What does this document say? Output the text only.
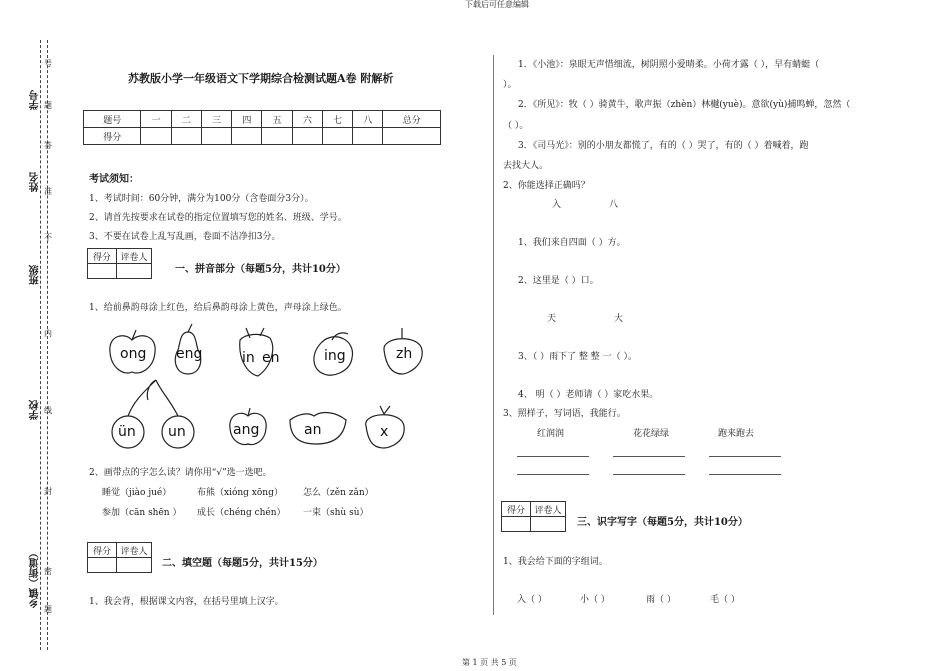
下载后可任意编辑
第 1 页 共 5 页
学号
姓名
班级
学校
乡镇（街道）
号
题
答
准
不
内
线
封
密
题
苏教版小学一年级语文下学期综合检测试题A卷 附解析
题号	一	二	三	四	五	六	七	八	总分
得分									
考试须知：
1、考试时间：60分钟，满分为100分（含卷面分3分）。
2、请首先按要求在试卷的指定位置填写您的姓名、班级、学号。
3、不要在试卷上乱写乱画，卷面不洁净扣3分。
得分	评卷人

一、拼音部分（每题5分，共计10分）
1、给前鼻韵母涂上红色，给后鼻韵母涂上黄色，声母涂上绿色。
ong eng	in en	ing	zh
ün un	ang	an	x
2、画带点的字怎么读？请你用“√”选一选吧。
睡觉（jiào jué）	布熊（xióng xōng） 怎么（zěn zǎn）
参加（cān shēn ） 成长（chéng chén） 一束（shù sù）
得分	评卷人

二、填空题（每题5分，共计15分）
1、我会背，根据课文内容，在括号里填上汉字。
1．《小池》：泉眼无声惜细流，树阴照小爱晴柔。小荷才露（ ），早有蜻蜓（
）。
2．《所见》：牧（ ）骑黄牛，歌声振（zhèn）林樾(yuè)。意欲(yù)捕鸣蝉，忽然（
（ ）。
3．《司马光》：别的小朋友都慌了，有的（ ）哭了，有的（ ）着喊着，跑
去找大人。
2、你能选择正确吗？
入	八
1、我们来自四面（ ）方。
2、这里是（ ）口。
天	大
3、（ ）雨下了 整 整 一（ ）。
4、 明（ ）老师请（ ）家吃水果。
3、照样子，写词语，我能行。
红润润	花花绿绿	跑来跑去
得分	评卷人

三、识字写字（每题5分，共计10分）
1、我会给下面的字组词。
入（ ）	小（ ）	雨（ ）	毛（ ）
